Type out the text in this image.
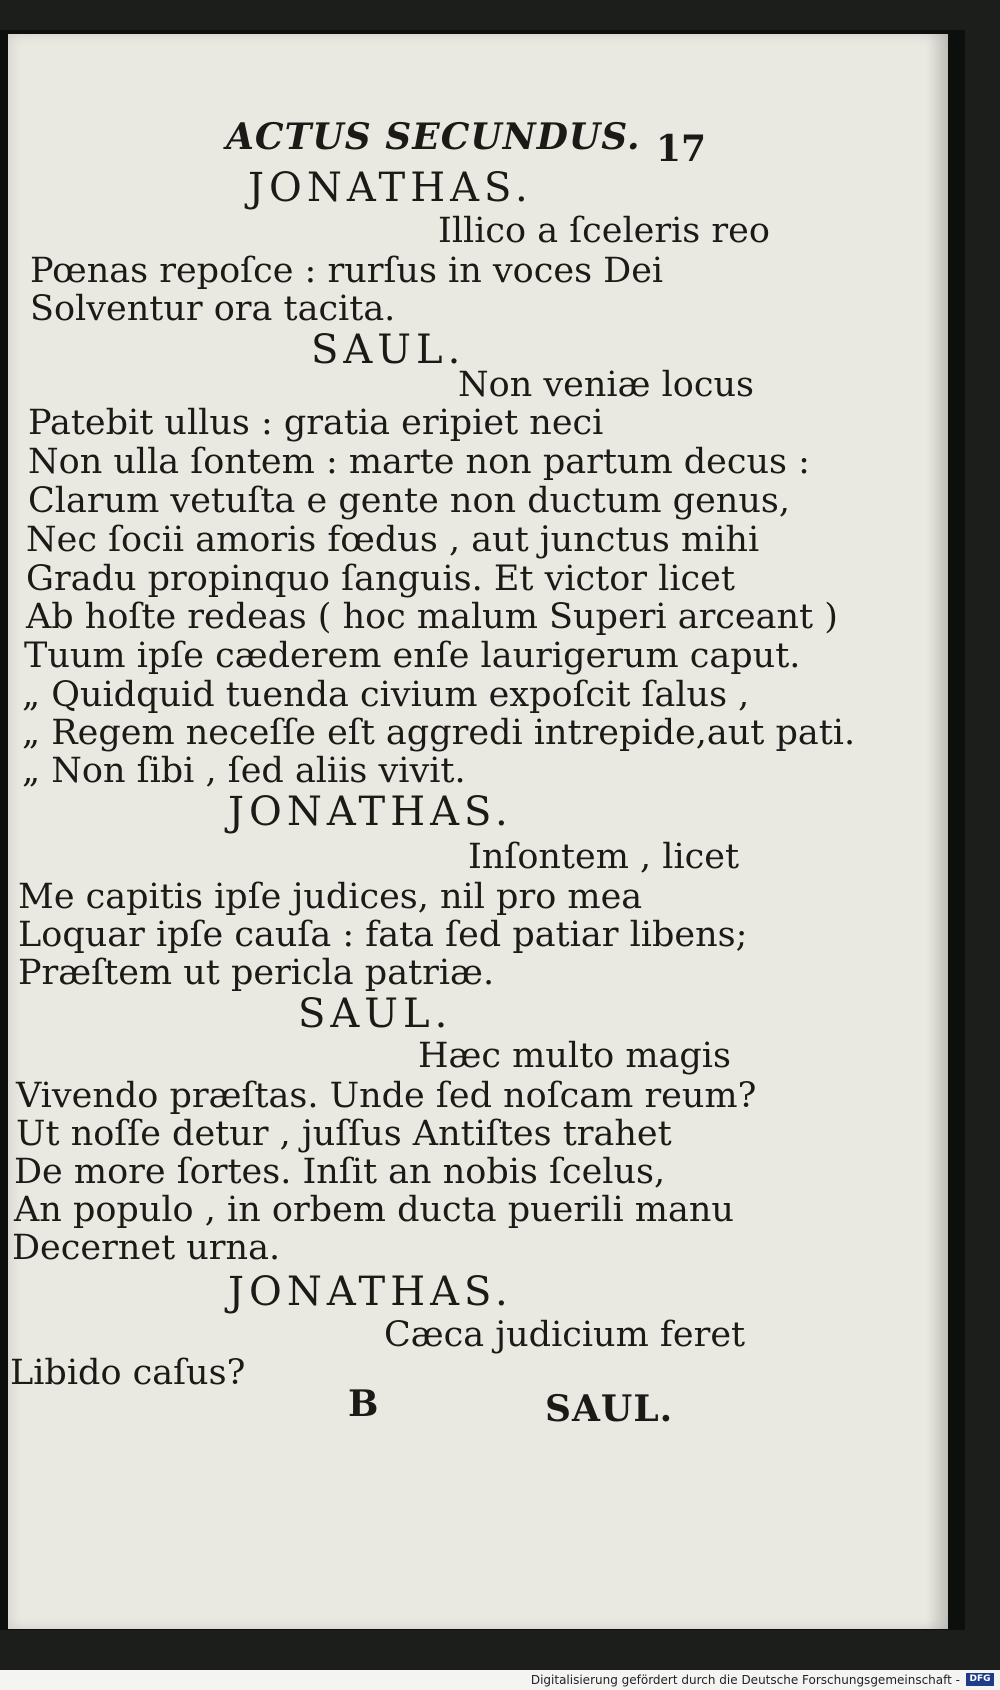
ACTUS SECUNDUS. 17
JONATHAS.
Illico a ſceleris reo
Pœnas repoſce : rurſus in voces Dei
Solventur ora tacita.
SAUL.
Non veniæ locus
Patebit ullus : gratia eripiet neci
Non ulla ſontem : marte non partum decus :
Clarum vetuſta e gente non ductum genus,
Nec ſocii amoris fœdus , aut junctus mihi
Gradu propinquo ſanguis. Et victor licet
Ab hoſte redeas ( hoc malum Superi arceant )
Tuum ipſe cæderem enſe laurigerum caput.
„ Quidquid tuenda civium expoſcit ſalus ,
„ Regem neceſſe eſt aggredi intrepide,aut pati.
„ Non ſibi , ſed aliis vivit.
JONATHAS.
Inſontem , licet
Me capitis ipſe judices, nil pro mea
Loquar ipſe cauſa : fata ſed patiar libens;
Præſtem ut pericla patriæ.
SAUL.
Hæc multo magis
Vivendo præſtas. Unde ſed noſcam reum?
Ut noſſe detur , juſſus Antiſtes trahet
De more ſortes. Inſit an nobis ſcelus,
An populo , in orbem ducta puerili manu
Decernet urna.
JONATHAS.
Cæca judicium feret
Libido caſus?
B	SAUL.
Digitalisierung gefördert durch die Deutsche Forschungsgemeinschaft -	DFG
